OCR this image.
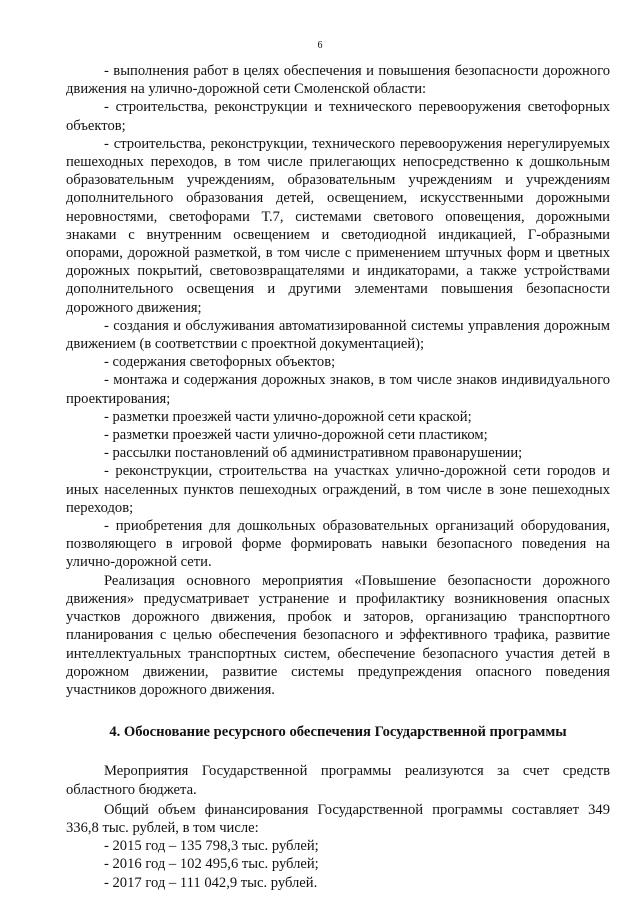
6

- выполнения работ в целях обеспечения и повышения безопасности дорожного движения на улично-дорожной сети Смоленской области:

- строительства, реконструкции и технического перевооружения светофорных объектов;

- строительства, реконструкции, технического перевооружения нерегулируемых пешеходных переходов, в том числе прилегающих непосредственно к дошкольным образовательным учреждениям, образовательным учреждениям и учреждениям дополнительного образования детей, освещением, искусственными дорожными неровностями, светофорами Т.7, системами светового оповещения, дорожными знаками с внутренним освещением и светодиодной индикацией, Г-образными опорами, дорожной разметкой, в том числе с применением штучных форм и цветных дорожных покрытий, световозвращателями и индикаторами, а также устройствами дополнительного освещения и другими элементами повышения безопасности дорожного движения;

- создания и обслуживания автоматизированной системы управления дорожным движением (в соответствии с проектной документацией);

- содержания светофорных объектов;

- монтажа и содержания дорожных знаков, в том числе знаков индивидуального проектирования;

- разметки проезжей части улично-дорожной сети краской;

- разметки проезжей части улично-дорожной сети пластиком;

- рассылки постановлений об административном правонарушении;

- реконструкции, строительства на участках улично-дорожной сети городов и иных населенных пунктов пешеходных ограждений, в том числе в зоне пешеходных переходов;

- приобретения для дошкольных образовательных организаций оборудования, позволяющего в игровой форме формировать навыки безопасного поведения на улично-дорожной сети.

Реализация основного мероприятия «Повышение безопасности дорожного движения» предусматривает устранение и профилактику возникновения опасных участков дорожного движения, пробок и заторов, организацию транспортного планирования с целью обеспечения безопасного и эффективного трафика, развитие интеллектуальных транспортных систем, обеспечение безопасного участия детей в дорожном движении, развитие системы предупреждения опасного поведения участников дорожного движения.

4. Обоснование ресурсного обеспечения Государственной программы

Мероприятия Государственной программы реализуются за счет средств областного бюджета.

Общий объем финансирования Государственной программы составляет 349 336,8 тыс. рублей, в том числе:

- 2015 год – 135 798,3 тыс. рублей;

- 2016 год – 102 495,6 тыс. рублей;

- 2017 год – 111 042,9 тыс. рублей.
